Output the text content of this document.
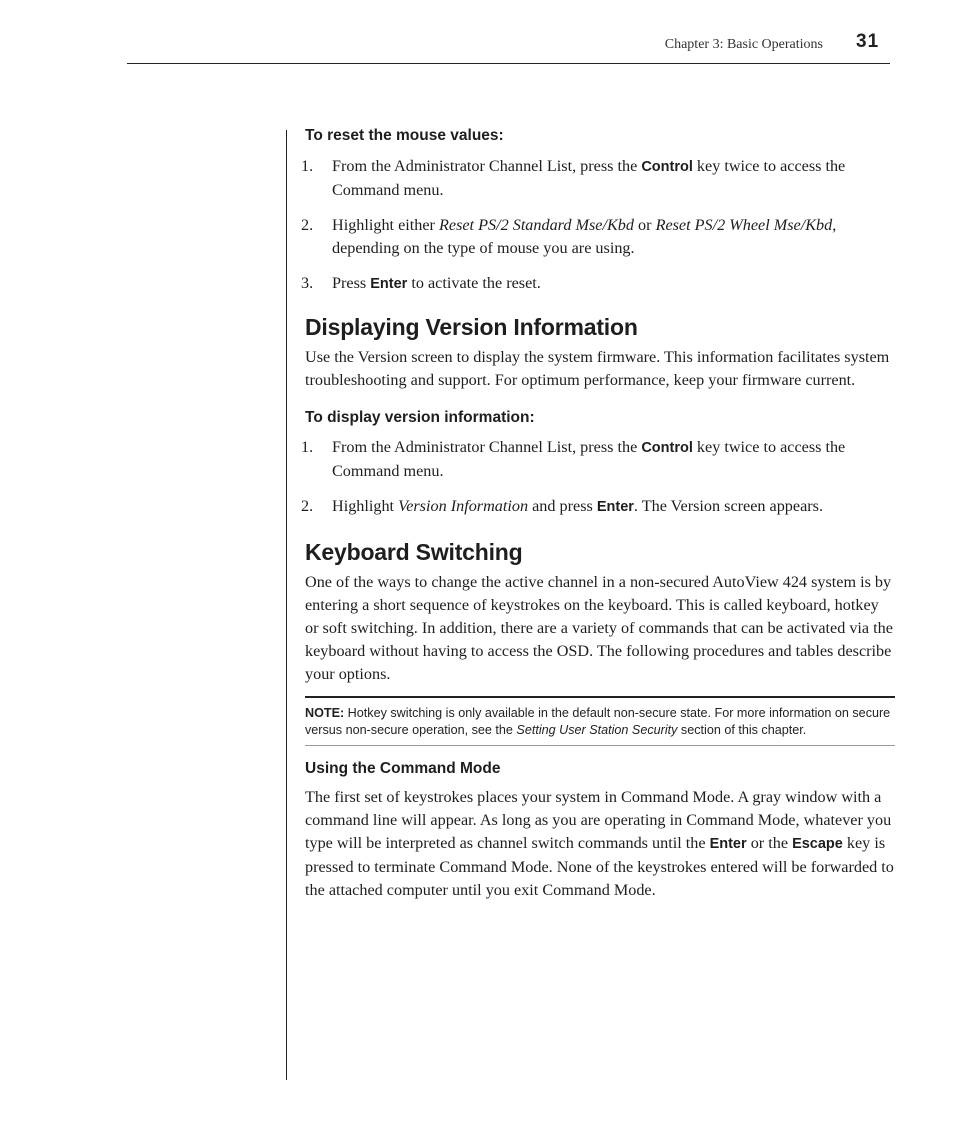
Chapter 3: Basic Operations 31

To reset the mouse values:

1. From the Administrator Channel List, press the Control key twice to access the Command menu.
2. Highlight either Reset PS/2 Standard Mse/Kbd or Reset PS/2 Wheel Mse/Kbd, depending on the type of mouse you are using.
3. Press Enter to activate the reset.
Displaying Version Information

Use the Version screen to display the system firmware. This information facilitates system troubleshooting and support. For optimum performance, keep your firmware current.

To display version information:

1. From the Administrator Channel List, press the Control key twice to access the Command menu.
2. Highlight Version Information and press Enter. The Version screen appears.
Keyboard Switching

One of the ways to change the active channel in a non-secured AutoView 424 system is by entering a short sequence of keystrokes on the keyboard. This is called keyboard, hotkey or soft switching. In addition, there are a variety of commands that can be activated via the keyboard without having to access the OSD. The following procedures and tables describe your options.

NOTE: Hotkey switching is only available in the default non-secure state. For more information on secure versus non-secure operation, see the Setting User Station Security section of this chapter.

Using the Command Mode

The first set of keystrokes places your system in Command Mode. A gray window with a command line will appear. As long as you are operating in Command Mode, whatever you type will be interpreted as channel switch commands until the Enter or the Escape key is pressed to terminate Command Mode. None of the keystrokes entered will be forwarded to the attached computer until you exit Command Mode.
